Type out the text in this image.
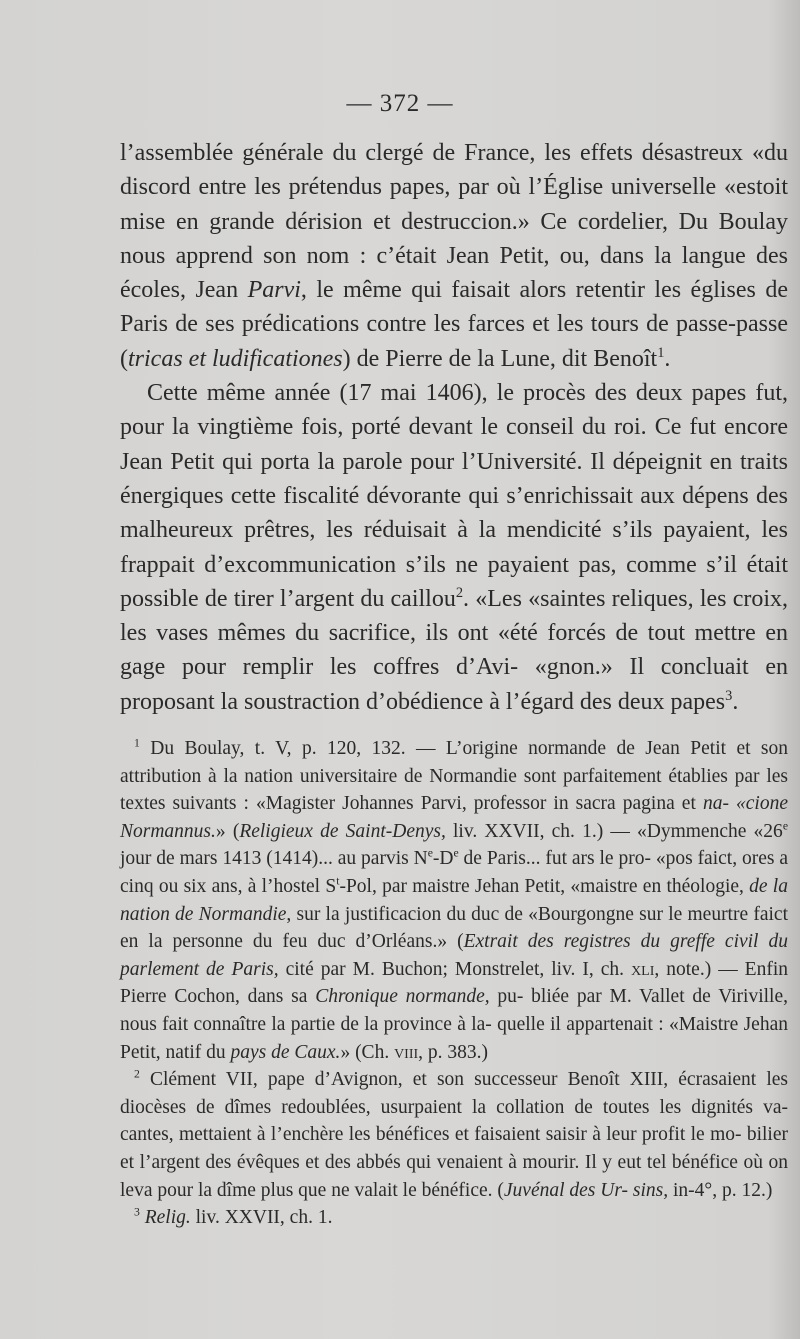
— 372 —

l’assemblée générale du clergé de France, les effets désastreux «du discord entre les prétendus papes, par où l’Église universelle «estoit mise en grande dérision et destruccion.» Ce cordelier, Du Boulay nous apprend son nom : c’était Jean Petit, ou, dans la langue des écoles, Jean Parvi, le même qui faisait alors retentir les églises de Paris de ses prédications contre les farces et les tours de passe-passe (tricas et ludificationes) de Pierre de la Lune, dit Benoît$^1$.

Cette même année (17 mai 1406), le procès des deux papes fut, pour la vingtième fois, porté devant le conseil du roi. Ce fut encore Jean Petit qui porta la parole pour l’Université. Il dépeignit en traits énergiques cette fiscalité dévorante qui s’enrichissait aux dépens des malheureux prêtres, les réduisait à la mendicité s’ils payaient, les frappait d’excommunication s’ils ne payaient pas, comme s’il était possible de tirer l’argent du caillou$^2$. «Les «saintes reliques, les croix, les vases mêmes du sacrifice, ils ont «été forcés de tout mettre en gage pour remplir les coffres d’Avi- «gnon.» Il concluait en proposant la soustraction d’obédience à l’égard des deux papes$^3$.

$^1$ Du Boulay, t. V, p. 120, 132. — L’origine normande de Jean Petit et son attribution à la nation universitaire de Normandie sont parfaitement établies par les textes suivants : «Magister Johannes Parvi, professor in sacra pagina et na- «cione Normannus.» (Religieux de Saint-Denys, liv. XXVII, ch. 1.) — «Dymmenche «26e jour de mars 1413 (1414)... au parvis $N^e-De$ de Paris... fut ars le pro- «pos faict, ores a cinq ou six ans, à l’hostel $S^t$-Pol, par maistre Jehan Petit, «maistre en théologie, de la nation de Normandie, sur la justificacion du duc de «Bourgongne sur le meurtre faict en la personne du feu duc d’Orléans.» (Extrait des registres du greffe civil du parlement de Paris, cité par M. Buchon; Monstrelet, liv. I, ch. xli, note.) — Enfin Pierre Cochon, dans sa Chronique normande, pu- bliée par M. Vallet de Viriville, nous fait connaître la partie de la province à la- quelle il appartenait : «Maistre Jehan Petit, natif du pays de Caux.» (Ch. viii, p. 383.)

$^2$ Clément VII, pape d’Avignon, et son successeur Benoît XIII, écrasaient les diocèses de dîmes redoublées, usurpaient la collation de toutes les dignités va- cantes, mettaient à l’enchère les bénéfices et faisaient saisir à leur profit le mo- bilier et l’argent des évêques et des abbés qui venaient à mourir. Il y eut tel bénéfice où on leva pour la dîme plus que ne valait le bénéfice. (Juvénal des Ur- sins, in-4°, p. 12.)

$^3$ Relig. liv. XXVII, ch. 1.
